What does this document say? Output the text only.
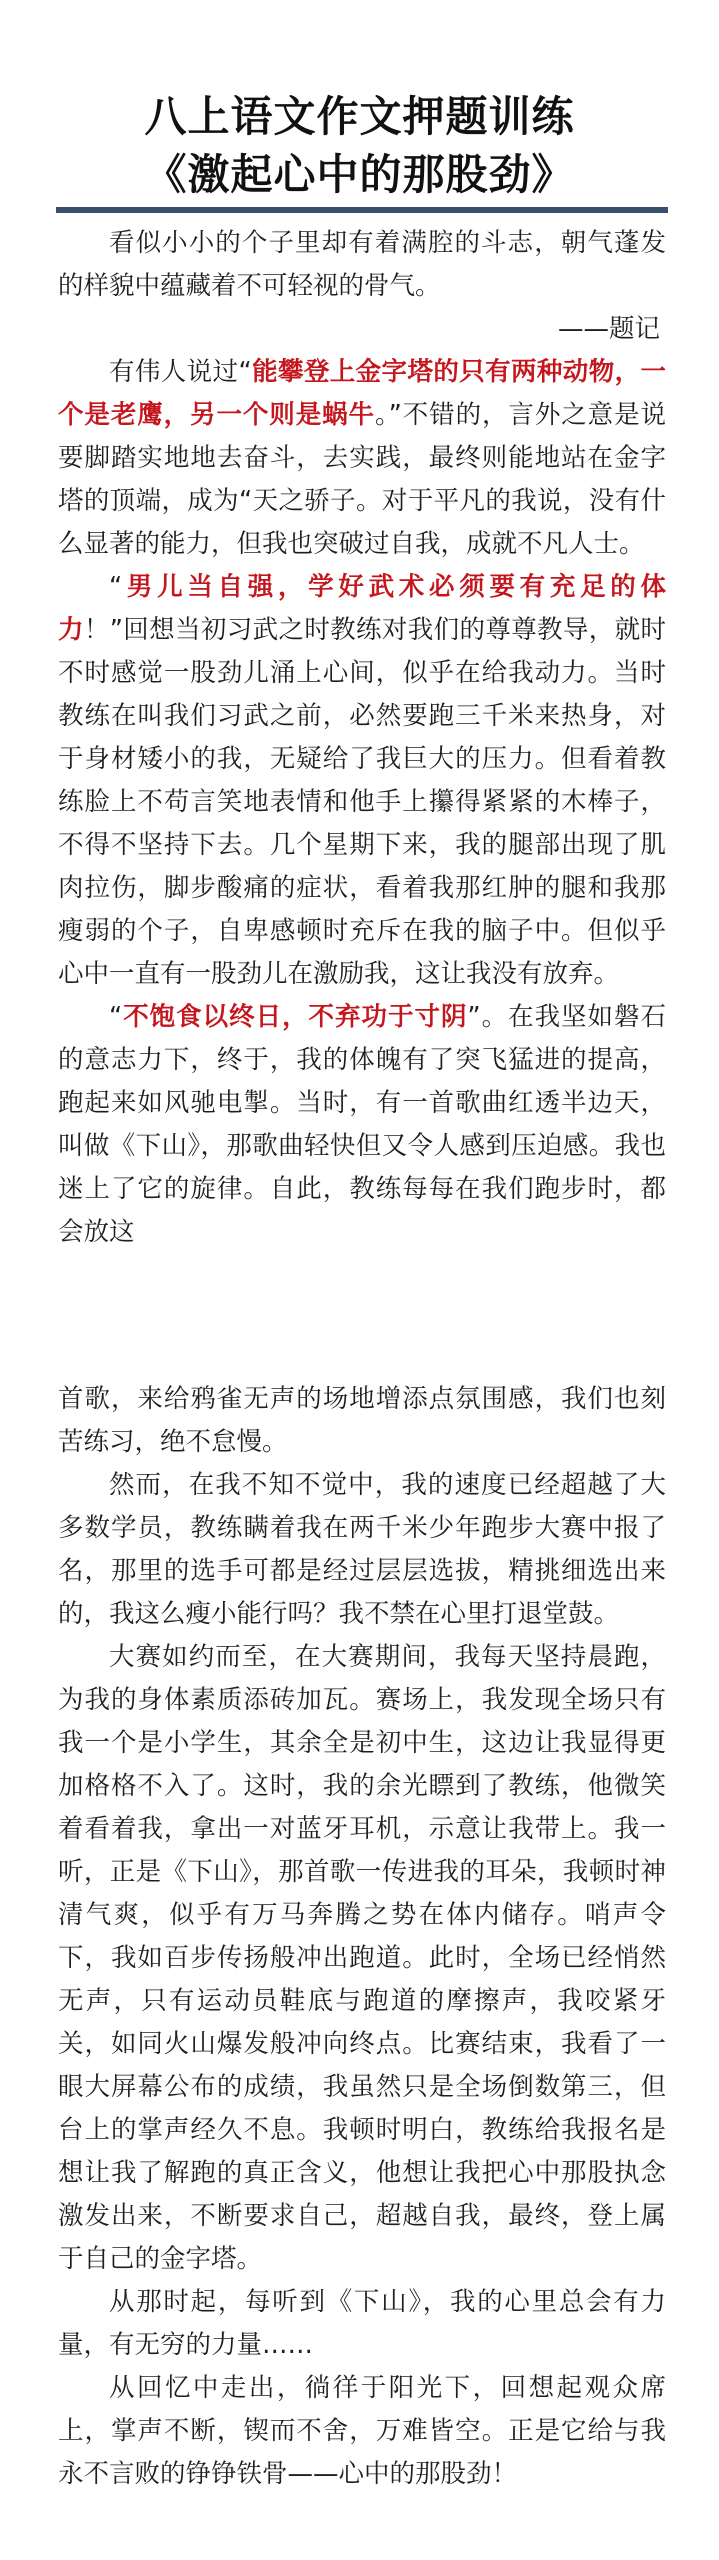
八上语文作文押题训练
《激起心中的那股劲》

看似小小的个子里却有着满腔的斗志，朝气蓬发的样貌中蕴藏着不可轻视的骨气。

——题记

有伟人说过“能攀登上金字塔的只有两种动物，一个是老鹰，另一个则是蜗牛。”不错的，言外之意是说要脚踏实地地去奋斗，去实践，最终则能地站在金字塔的顶端，成为“天之骄子。对于平凡的我说，没有什么显著的能力，但我也突破过自我，成就不凡人士。

“男儿当自强，学好武术必须要有充足的体力！”回想当初习武之时教练对我们的尊尊教导，就时不时感觉一股劲儿涌上心间，似乎在给我动力。当时教练在叫我们习武之前，必然要跑三千米来热身，对于身材矮小的我，无疑给了我巨大的压力。但看着教练脸上不苟言笑地表情和他手上攥得紧紧的木棒子，不得不坚持下去。几个星期下来，我的腿部出现了肌肉拉伤，脚步酸痛的症状，看着我那红肿的腿和我那瘦弱的个子，自卑感顿时充斥在我的脑子中。但似乎心中一直有一股劲儿在激励我，这让我没有放弃。

“不饱食以终日，不弃功于寸阴”。在我坚如磐石的意志力下，终于，我的体魄有了突飞猛进的提高，跑起来如风驰电掣。当时，有一首歌曲红透半边天，叫做《下山》，那歌曲轻快但又令人感到压迫感。我也迷上了它的旋律。自此，教练每每在我们跑步时，都会放这

首歌，来给鸦雀无声的场地增添点氛围感，我们也刻苦练习，绝不怠慢。

然而，在我不知不觉中，我的速度已经超越了大多数学员，教练瞒着我在两千米少年跑步大赛中报了名，那里的选手可都是经过层层选拔，精挑细选出来的，我这么瘦小能行吗？我不禁在心里打退堂鼓。

大赛如约而至，在大赛期间，我每天坚持晨跑，为我的身体素质添砖加瓦。赛场上，我发现全场只有我一个是小学生，其余全是初中生，这边让我显得更加格格不入了。这时，我的余光瞟到了教练，他微笑着看着我，拿出一对蓝牙耳机，示意让我带上。我一听，正是《下山》，那首歌一传进我的耳朵，我顿时神清气爽，似乎有万马奔腾之势在体内储存。哨声令下，我如百步传扬般冲出跑道。此时，全场已经悄然无声，只有运动员鞋底与跑道的摩擦声，我咬紧牙关，如同火山爆发般冲向终点。比赛结束，我看了一眼大屏幕公布的成绩，我虽然只是全场倒数第三，但台上的掌声经久不息。我顿时明白，教练给我报名是想让我了解跑的真正含义，他想让我把心中那股执念激发出来，不断要求自己，超越自我，最终，登上属于自己的金字塔。

从那时起，每听到《下山》，我的心里总会有力量，有无穷的力量……

从回忆中走出，徜徉于阳光下，回想起观众席上，掌声不断，锲而不舍，万难皆空。正是它给与我永不言败的铮铮铁骨——心中的那股劲！
